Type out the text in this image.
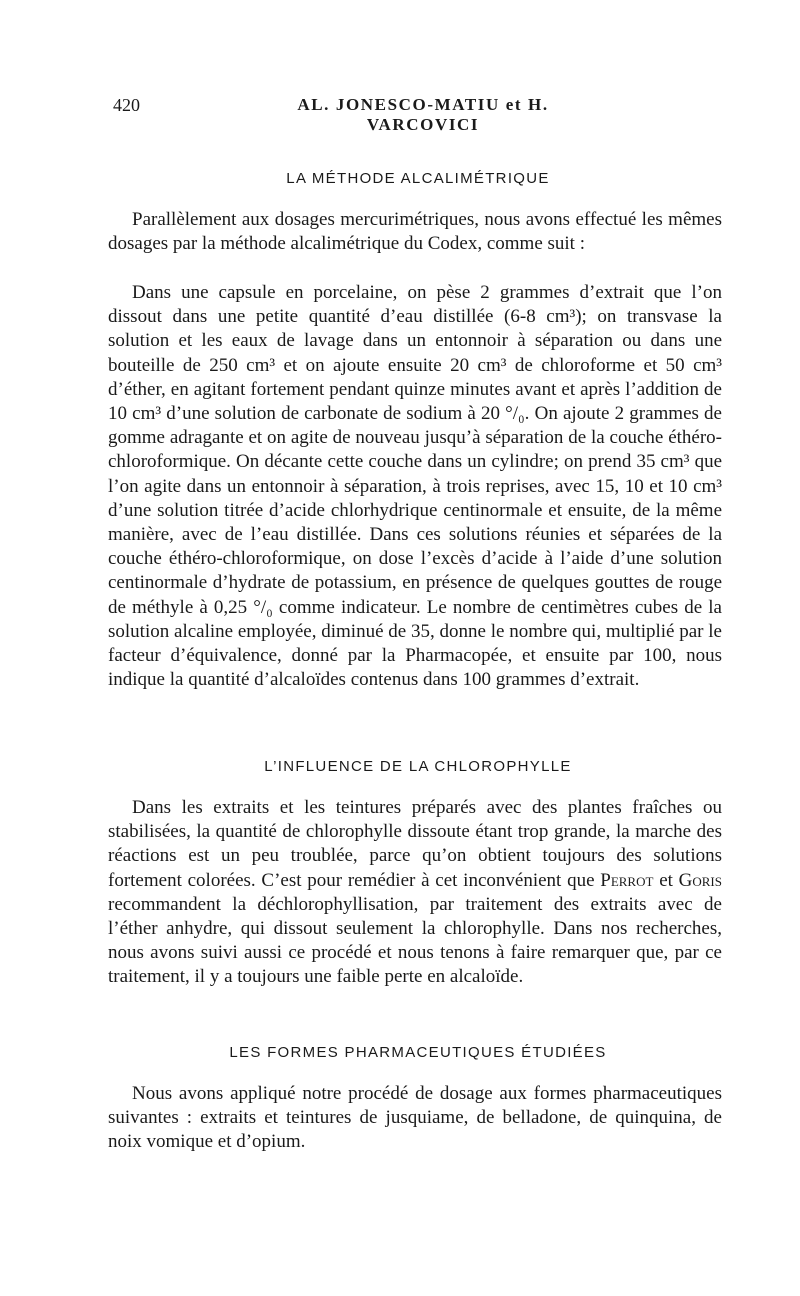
420	AL. JONESCO-MATIU et H. VARCOVICI
LA MÉTHODE ALCALIMÉTRIQUE

Parallèlement aux dosages mercurimétriques, nous avons effectué les mêmes dosages par la méthode alcalimétrique du Codex, comme suit :

Dans une capsule en porcelaine, on pèse 2 grammes d’extrait que l’on dissout dans une petite quantité d’eau distillée (6-8 cm³); on transvase la solution et les eaux de lavage dans un entonnoir à séparation ou dans une bouteille de 250 cm³ et on ajoute ensuite 20 cm³ de chloroforme et 50 cm³ d’éther, en agitant fortement pendant quinze minutes avant et après l’addition de 10 cm³ d’une solution de carbonate de sodium à 20 °/₀. On ajoute 2 grammes de gomme adragante et on agite de nouveau jusqu’à séparation de la couche éthéro-chloroformique. On décante cette couche dans un cylindre; on prend 35 cm³ que l’on agite dans un entonnoir à séparation, à trois reprises, avec 15, 10 et 10 cm³ d’une solution titrée d’acide chlorhydrique centinormale et ensuite, de la même manière, avec de l’eau distillée. Dans ces solutions réunies et séparées de la couche éthéro-chloroformique, on dose l’excès d’acide à l’aide d’une solution centinormale d’hydrate de potassium, en présence de quelques gouttes de rouge de méthyle à 0,25 °/₀ comme indicateur. Le nombre de centimètres cubes de la solution alcaline employée, diminué de 35, donne le nombre qui, multiplié par le facteur d’équivalence, donné par la Pharmacopée, et ensuite par 100, nous indique la quantité d’alcaloïdes contenus dans 100 grammes d’extrait.

L’INFLUENCE DE LA CHLOROPHYLLE

Dans les extraits et les teintures préparés avec des plantes fraîches ou stabilisées, la quantité de chlorophylle dissoute étant trop grande, la marche des réactions est un peu troublée, parce qu’on obtient toujours des solutions fortement colorées. C’est pour remédier à cet inconvénient que Perrot et Goris recommandent la déchlorophyllisation, par traitement des extraits avec de l’éther anhydre, qui dissout seulement la chlorophylle. Dans nos recherches, nous avons suivi aussi ce procédé et nous tenons à faire remarquer que, par ce traitement, il y a toujours une faible perte en alcaloïde.

LES FORMES PHARMACEUTIQUES ÉTUDIÉES

Nous avons appliqué notre procédé de dosage aux formes pharmaceutiques suivantes : extraits et teintures de jusquiame, de belladone, de quinquina, de noix vomique et d’opium.
